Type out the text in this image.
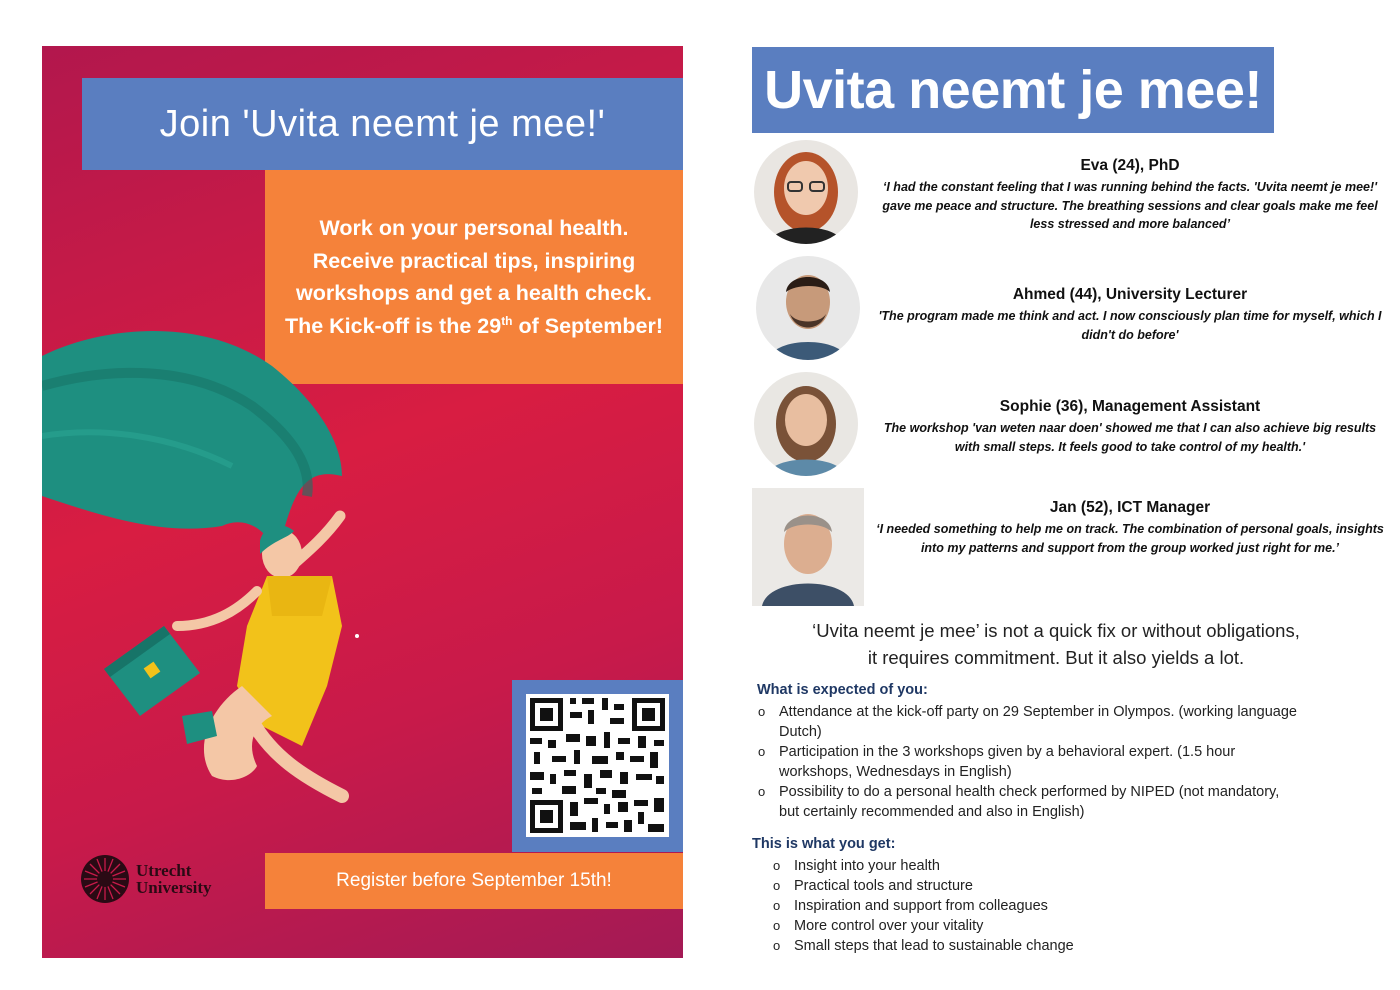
Join 'Uvita neemt je mee!'
Work on your personal health.
Receive practical tips, inspiring
workshops and get a health check.
The Kick-off is the 29th of September!
Register before September 15th!
Utrecht
University
Uvita neemt je mee!
Eva (24), PhD
‘I had the constant feeling that I was running behind the facts. 'Uvita neemt je mee!' gave me peace and structure. The breathing sessions and clear goals make me feel less stressed and more balanced’
Ahmed (44), University Lecturer
'The program made me think and act. I now consciously plan time for myself, which I didn't do before'
Sophie (36), Management Assistant
The workshop 'van weten naar doen' showed me that I can also achieve big results with small steps. It feels good to take control of my health.'
Jan (52), ICT Manager
‘I needed something to help me on track. The combination of personal goals, insights into my patterns and support from the group worked just right for me.’
‘Uvita neemt je mee’ is not a quick fix or without obligations,
it requires commitment. But it also yields a lot.
What is expected of you:
o Attendance at the kick-off party on 29 September in Olympos. (working language Dutch)
o Participation in the 3 workshops given by a behavioral expert. (1.5 hour workshops, Wednesdays in English)
o Possibility to do a personal health check performed by NIPED (not mandatory, but certainly recommended and also in English)
This is what you get:
o Insight into your health
o Practical tools and structure
o Inspiration and support from colleagues
o More control over your vitality
o Small steps that lead to sustainable change
